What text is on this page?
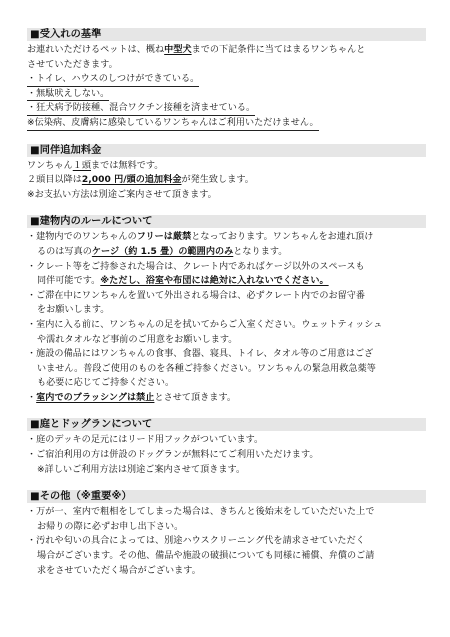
■受入れの基準
お連れいただけるペットは、概ね中型犬までの下記条件に当てはまるワンちゃんと
させていただきます。
・トイレ、ハウスのしつけができている。
・無駄吠えしない。
・狂犬病予防接種、混合ワクチン接種を済ませている。
※伝染病、皮膚病に感染しているワンちゃんはご利用いただけません。
■同伴追加料金
ワンちゃん１頭までは無料です。
２頭目以降は2,000 円/頭の追加料金が発生致します。
※お支払い方法は別途ご案内させて頂きます。
■建物内のルールについて
・建物内でのワンちゃんのフリーは厳禁となっております。ワンちゃんをお連れ頂け
るのは写真のケージ（約 1.5 畳）の範囲内のみとなります。
・クレート等をご持参された場合は、クレート内であればケージ以外のスペースも
同伴可能です。※ただし、浴室や布団には絶対に入れないでください。
・ご滞在中にワンちゃんを置いて外出される場合は、必ずクレート内でのお留守番
をお願いします。
・室内に入る前に、ワンちゃんの足を拭いてからご入室ください。ウェットティッシュ
や濡れタオルなど事前のご用意をお願いします。
・施設の備品にはワンちゃんの食事、食器、寝具、トイレ、タオル等のご用意はござ
いません。普段ご使用のものを各種ご持参ください。ワンちゃんの緊急用救急薬等
も必要に応じてご持参ください。
・室内でのブラッシングは禁止とさせて頂きます。
■庭とドッグランについて
・庭のデッキの足元にはリード用フックがついています。
・ご宿泊利用の方は併設のドッグランが無料にてご利用いただけます。
※詳しいご利用方法は別途ご案内させて頂きます。
■その他（※重要※）
・万が一、室内で粗相をしてしまった場合は、きちんと後始末をしていただいた上で
お帰りの際に必ずお申し出下さい。
・汚れや匂いの具合によっては、別途ハウスクリーニング代を請求させていただく
場合がございます。その他、備品や施設の破損についても同様に補償、弁償のご請
求をさせていただく場合がございます。
